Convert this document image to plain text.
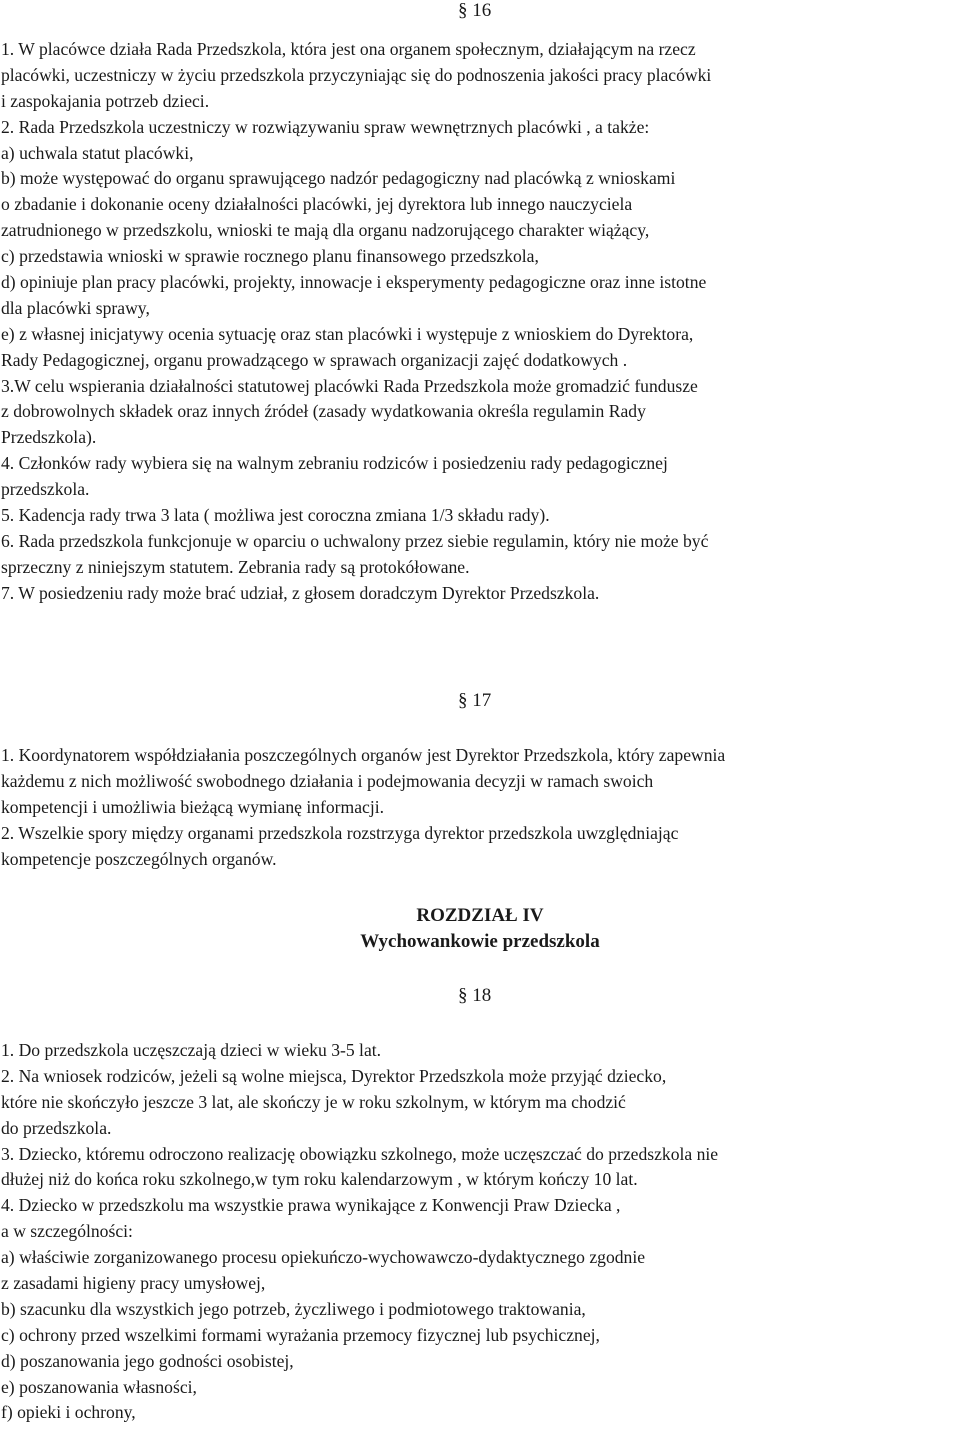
§ 16
1. W placówce działa Rada Przedszkola, która jest ona organem społecznym, działającym na rzecz
placówki, uczestniczy w życiu przedszkola przyczyniając się do podnoszenia jakości pracy placówki
i zaspokajania potrzeb dzieci.
2. Rada Przedszkola uczestniczy w rozwiązywaniu spraw wewnętrznych placówki , a także:
a) uchwala statut placówki,
b) może występować do organu sprawującego nadzór pedagogiczny nad placówką z wnioskami
o zbadanie i dokonanie oceny działalności placówki, jej dyrektora lub innego nauczyciela
zatrudnionego w przedszkolu, wnioski te mają dla organu nadzorującego charakter wiążący,
c) przedstawia wnioski w sprawie rocznego planu finansowego przedszkola,
d) opiniuje plan pracy placówki, projekty, innowacje i eksperymenty pedagogiczne oraz inne istotne
dla placówki sprawy,
e) z własnej inicjatywy ocenia sytuację oraz stan placówki i występuje z wnioskiem do Dyrektora,
Rady Pedagogicznej, organu prowadzącego w sprawach organizacji zajęć dodatkowych .
3.W celu wspierania działalności statutowej placówki Rada Przedszkola może gromadzić fundusze
z dobrowolnych składek oraz innych źródeł (zasady wydatkowania określa regulamin Rady
Przedszkola).
4. Członków rady wybiera się na walnym zebraniu rodziców i posiedzeniu rady pedagogicznej
przedszkola.
5. Kadencja rady trwa 3 lata ( możliwa jest coroczna zmiana 1/3 składu rady).
6. Rada przedszkola funkcjonuje w oparciu o uchwalony przez siebie regulamin, który nie może być
sprzeczny z niniejszym statutem. Zebrania rady są protokółowane.
7. W posiedzeniu rady może brać udział, z głosem doradczym Dyrektor Przedszkola.
§ 17
1. Koordynatorem współdziałania poszczególnych organów jest Dyrektor Przedszkola, który zapewnia
każdemu z nich możliwość swobodnego działania i podejmowania decyzji w ramach swoich
kompetencji i umożliwia bieżącą wymianę informacji.
2. Wszelkie spory między organami przedszkola rozstrzyga dyrektor przedszkola uwzględniając
kompetencje poszczególnych organów.
ROZDZIAŁ IV
Wychowankowie przedszkola
§ 18
1. Do przedszkola uczęszczają dzieci w wieku 3-5 lat.
2. Na wniosek rodziców, jeżeli są wolne miejsca, Dyrektor Przedszkola może przyjąć dziecko,
które nie skończyło jeszcze 3 lat, ale skończy je w roku szkolnym, w którym ma chodzić
do przedszkola.
3. Dziecko, któremu odroczono realizację obowiązku szkolnego, może uczęszczać do przedszkola nie
dłużej niż do końca roku szkolnego,w tym roku kalendarzowym , w którym kończy 10 lat.
4. Dziecko w przedszkolu ma wszystkie prawa wynikające z Konwencji Praw Dziecka ,
a w szczególności:
a) właściwie zorganizowanego procesu opiekuńczo-wychowawczo-dydaktycznego zgodnie
z zasadami higieny pracy umysłowej,
b) szacunku dla wszystkich jego potrzeb, życzliwego i podmiotowego traktowania,
c) ochrony przed wszelkimi formami wyrażania przemocy fizycznej lub psychicznej,
d) poszanowania jego godności osobistej,
e) poszanowania własności,
f) opieki i ochrony,
